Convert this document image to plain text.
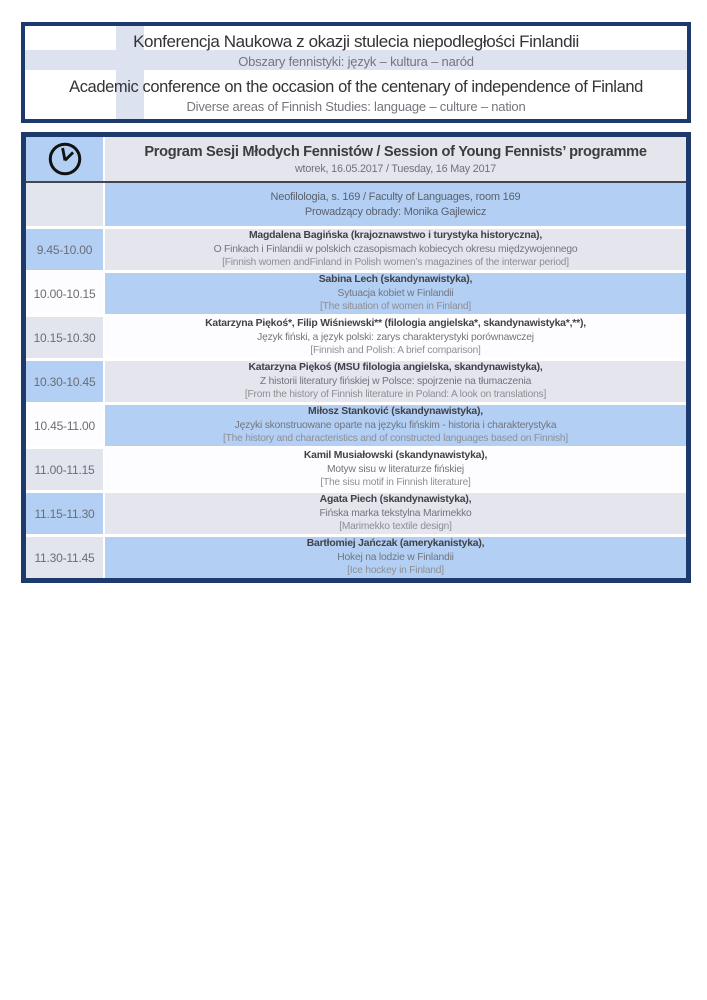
Konferencja Naukowa z okazji stulecia niepodległości Finlandii
Obszary fennistyki: język – kultura – naród
Academic conference on the occasion of the centenary of independence of Finland
Diverse areas of Finnish Studies: language – culture – nation
Program Sesji Młodych Fennistów / Session of Young Fennists’ programme
wtorek, 16.05.2017 / Tuesday, 16 May 2017
Neofilologia, s. 169 / Faculty of Languages, room 169
Prowadzący obrady: Monika Gajlewicz
9.45-10.00
Magdalena Bagińska (krajoznawstwo i turystyka historyczna),
O Finkach i Finlandii w polskich czasopismach kobiecych okresu międzywojennego
[Finnish women andFinland in Polish women’s magazines of the interwar period]
10.00-10.15
Sabina Lech (skandynawistyka),
Sytuacja kobiet w Finlandii
[The situation of women in Finland]
10.15-10.30
Katarzyna Piękoś*, Filip Wiśniewski** (filologia angielska*, skandynawistyka*,**),
Język fiński, a język polski: zarys charakterystyki porównawczej
[Finnish and Polish: A brief comparison]
10.30-10.45
Katarzyna Piękoś (MSU filologia angielska, skandynawistyka),
Z historii literatury fińskiej w Polsce: spojrzenie na tłumaczenia
[From the history of Finnish literature in Poland: A look on translations]
10.45-11.00
Miłosz Stanković (skandynawistyka),
Języki skonstruowane oparte na języku fińskim - historia i charakterystyka
[The history and characteristics and of constructed languages based on Finnish]
11.00-11.15
Kamil Musiałowski (skandynawistyka),
Motyw sisu w literaturze fińskiej
[The sisu motif in Finnish literature]
11.15-11.30
Agata Piech (skandynawistyka),
Fińska marka tekstylna Marimekko
[Marimekko textile design]
11.30-11.45
Bartłomiej Jańczak (amerykanistyka),
Hokej na lodzie w Finlandii
[Ice hockey in Finland]
